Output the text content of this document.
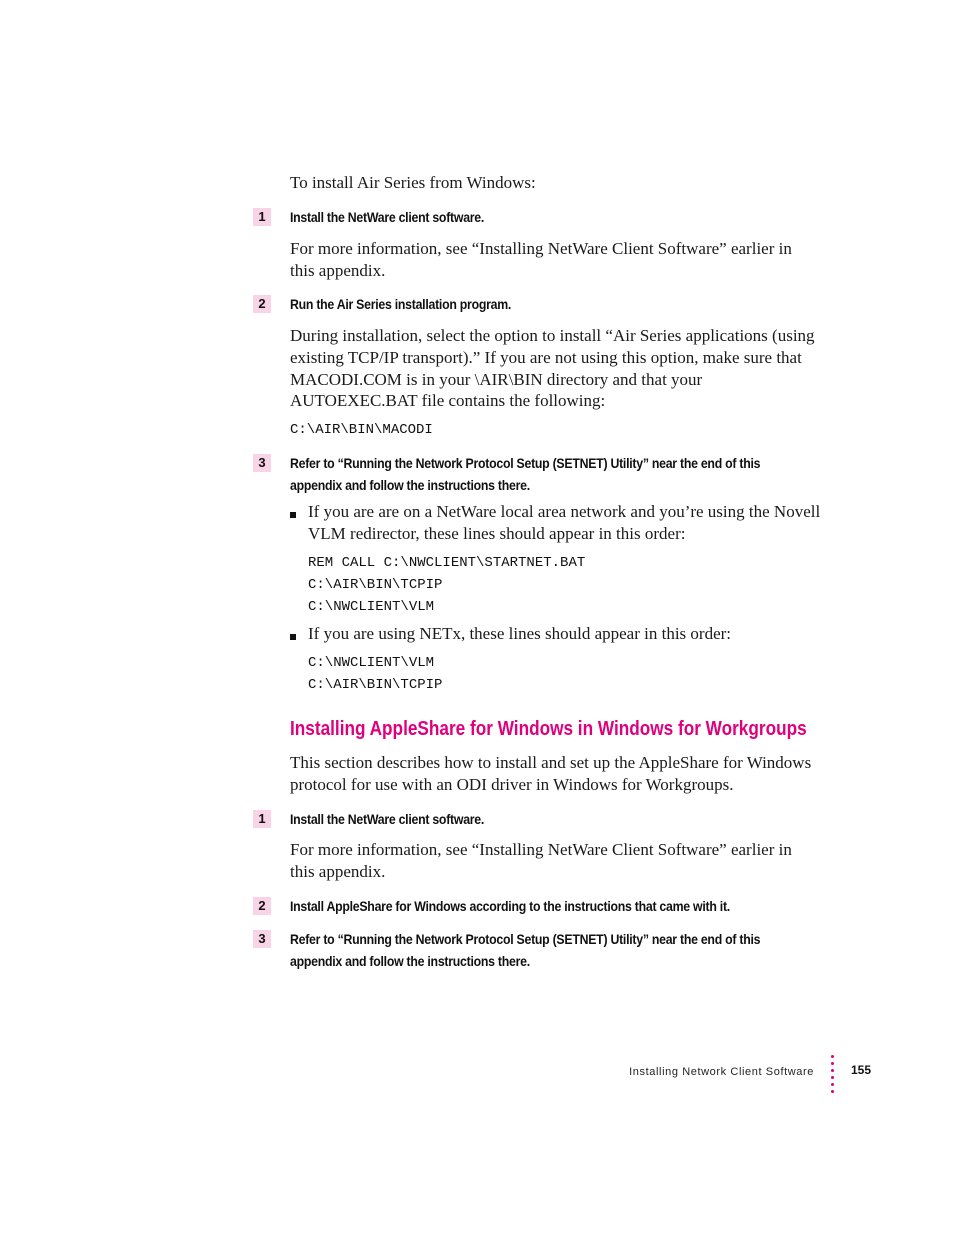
To install Air Series from Windows:
1	Install the NetWare client software.
For more information, see “Installing NetWare Client Software” earlier in
this appendix.
2	Run the Air Series installation program.
During installation, select the option to install “Air Series applications (using
existing TCP/IP transport).” If you are not using this option, make sure that
MACODI.COM is in your \AIR\BIN directory and that your
AUTOEXEC.BAT file contains the following:
C:\AIR\BIN\MACODI
3	Refer to “Running the Network Protocol Setup (SETNET) Utility” near the end of this
appendix and follow the instructions there.
If you are are on a NetWare local area network and you’re using the Novell
VLM redirector, these lines should appear in this order:
REM CALL C:\NWCLIENT\STARTNET.BAT
C:\AIR\BIN\TCPIP
C:\NWCLIENT\VLM
If you are using NETx, these lines should appear in this order:
C:\NWCLIENT\VLM
C:\AIR\BIN\TCPIP
Installing AppleShare for Windows in Windows for Workgroups
This section describes how to install and set up the AppleShare for Windows
protocol for use with an ODI driver in Windows for Workgroups.
1	Install the NetWare client software.
For more information, see “Installing NetWare Client Software” earlier in
this appendix.
2	Install AppleShare for Windows according to the instructions that came with it.
3	Refer to “Running the Network Protocol Setup (SETNET) Utility” near the end of this
appendix and follow the instructions there.
Installing Network Client Software	155
